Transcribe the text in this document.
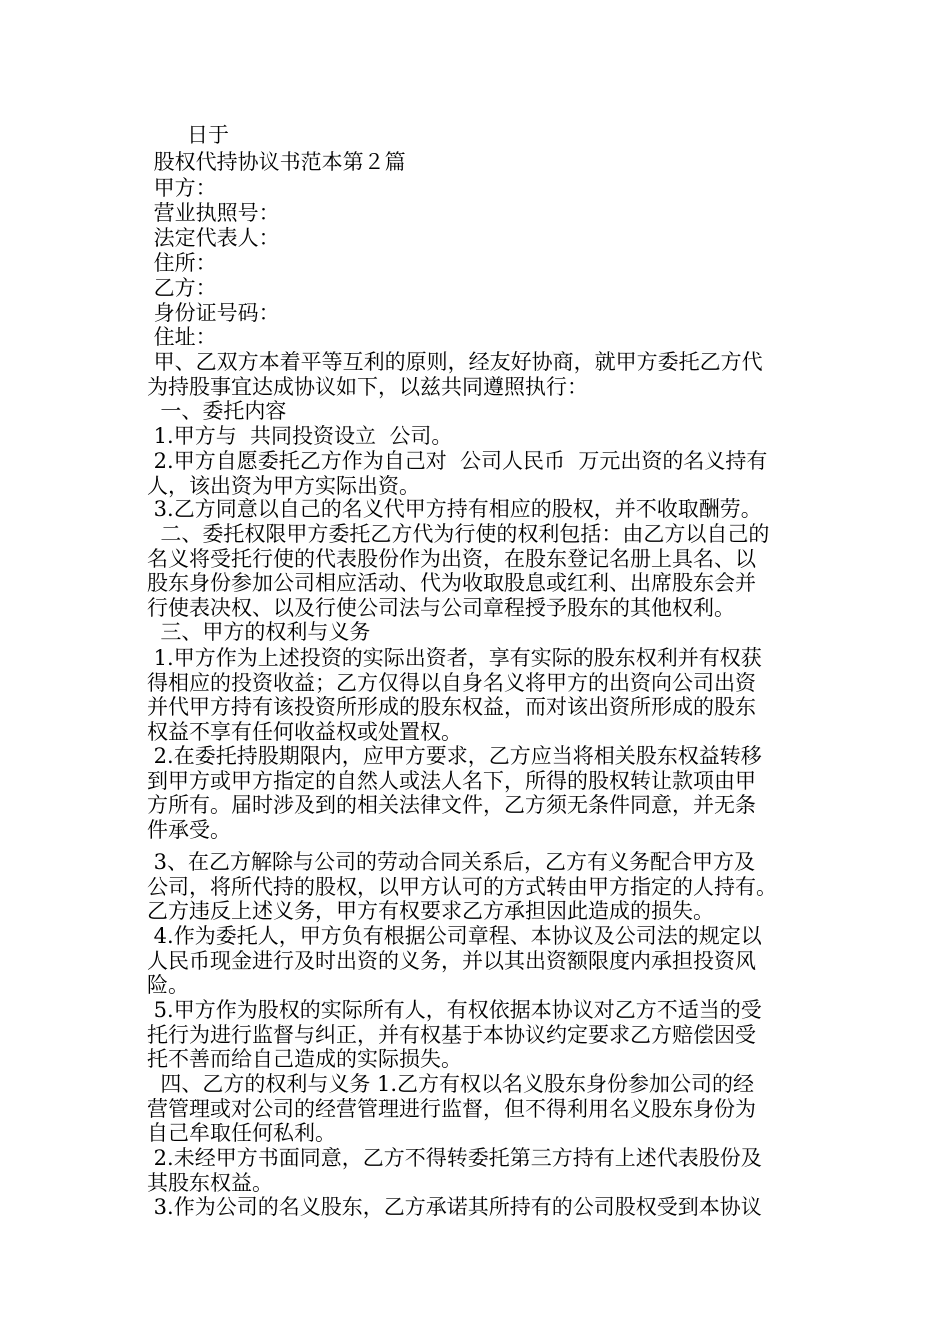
日于
股权代持协议书范本第２篇
甲方：
营业执照号：
法定代表人：
住所：
乙方：
身份证号码：
住址：
甲、乙双方本着平等互利的原则，经友好协商，就甲方委托乙方代
为持股事宜达成协议如下，以兹共同遵照执行：
一、委托内容
1.甲方与  共同投资设立  公司。
2.甲方自愿委托乙方作为自己对  公司人民币  万元出资的名义持有
人，该出资为甲方实际出资。
3.乙方同意以自己的名义代甲方持有相应的股权，并不收取酬劳。
二、委托权限甲方委托乙方代为行使的权利包括：由乙方以自己的
名义将受托行使的代表股份作为出资，在股东登记名册上具名、以
股东身份参加公司相应活动、代为收取股息或红利、出席股东会并
行使表决权、以及行使公司法与公司章程授予股东的其他权利。
三、甲方的权利与义务
1.甲方作为上述投资的实际出资者，享有实际的股东权利并有权获
得相应的投资收益；乙方仅得以自身名义将甲方的出资向公司出资
并代甲方持有该投资所形成的股东权益，而对该出资所形成的股东
权益不享有任何收益权或处置权。
2.在委托持股期限内，应甲方要求，乙方应当将相关股东权益转移
到甲方或甲方指定的自然人或法人名下，所得的股权转让款项由甲
方所有。届时涉及到的相关法律文件，乙方须无条件同意，并无条
件承受。
3、在乙方解除与公司的劳动合同关系后，乙方有义务配合甲方及
公司，将所代持的股权，以甲方认可的方式转由甲方指定的人持有。
乙方违反上述义务，甲方有权要求乙方承担因此造成的损失。
4.作为委托人，甲方负有根据公司章程、本协议及公司法的规定以
人民币现金进行及时出资的义务，并以其出资额限度内承担投资风
险。
5.甲方作为股权的实际所有人，有权依据本协议对乙方不适当的受
托行为进行监督与纠正，并有权基于本协议约定要求乙方赔偿因受
托不善而给自己造成的实际损失。
四、乙方的权利与义务 1.乙方有权以名义股东身份参加公司的经
营管理或对公司的经营管理进行监督，但不得利用名义股东身份为
自己牟取任何私利。
2.未经甲方书面同意，乙方不得转委托第三方持有上述代表股份及
其股东权益。
3.作为公司的名义股东，乙方承诺其所持有的公司股权受到本协议
